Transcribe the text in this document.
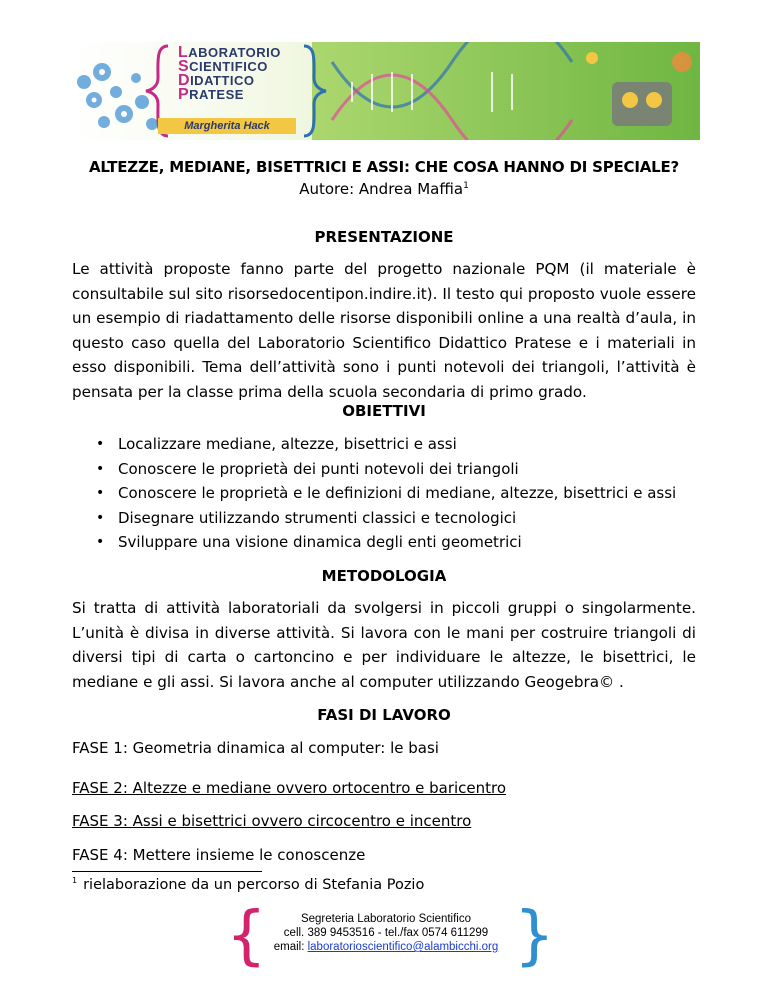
LABORATORIO
SCIENTIFICO
DIDATTICO
PRATESE
Margherita Hack
ALTEZZE, MEDIANE, BISETTRICI E ASSI: CHE COSA HANNO DI SPECIALE?
Autore: Andrea Maffia$^1$
PRESENTAZIONE
Le attività proposte fanno parte del progetto nazionale PQM (il materiale è consultabile sul sito risorsedocentipon.indire.it). Il testo qui proposto vuole essere un esempio di riadattamento delle risorse disponibili online a una realtà d’aula, in questo caso quella del Laboratorio Scientifico Didattico Pratese e i materiali in esso disponibili. Tema dell’attività sono i punti notevoli dei triangoli, l’attività è pensata per la classe prima della scuola secondaria di primo grado.
OBIETTIVI
• Localizzare mediane, altezze, bisettrici e assi
• Conoscere le proprietà dei punti notevoli dei triangoli
• Conoscere le proprietà e le definizioni di mediane, altezze, bisettrici e assi
• Disegnare utilizzando strumenti classici e tecnologici
• Sviluppare una visione dinamica degli enti geometrici
METODOLOGIA
Si tratta di attività laboratoriali da svolgersi in piccoli gruppi o singolarmente. L’unità è divisa in diverse attività. Si lavora con le mani per costruire triangoli di diversi tipi di carta o cartoncino e per individuare le altezze, le bisettrici, le mediane e gli assi. Si lavora anche al computer utilizzando Geogebra© .
FASI DI LAVORO
FASE 1: Geometria dinamica al computer: le basi
FASE 2: Altezze e mediane ovvero ortocentro e baricentro
FASE 3: Assi e bisettrici ovvero circocentro e incentro
FASE 4: Mettere insieme le conoscenze
$^1$ rielaborazione da un percorso di Stefania Pozio
{	Segreteria Laboratorio Scientifico
cell. 389 9453516 - tel./fax 0574 611299
email: laboratorioscientifico@alambicchi.org }
